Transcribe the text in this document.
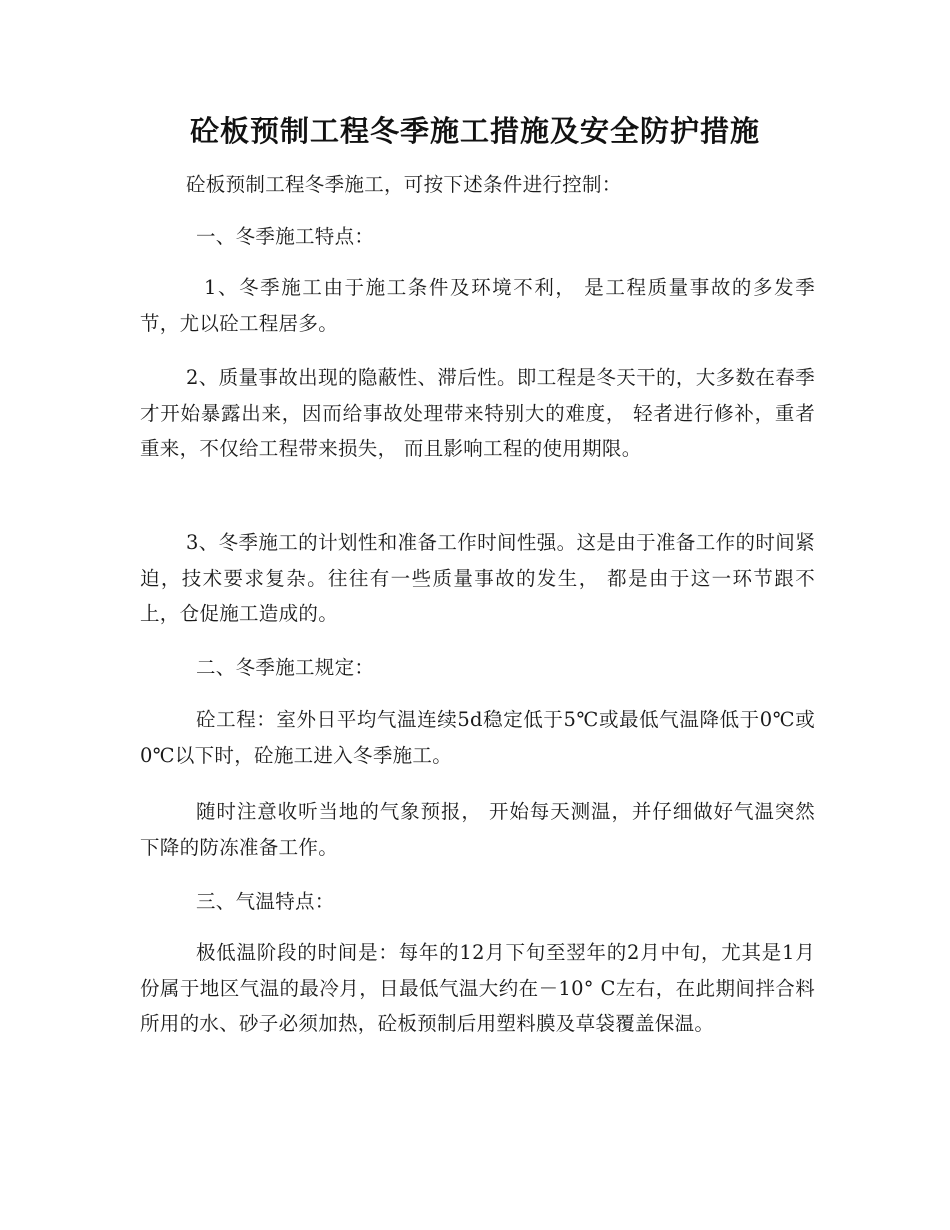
砼板预制工程冬季施工措施及安全防护措施

砼板预制工程冬季施工，可按下述条件进行控制：

一、冬季施工特点：

1、冬季施工由于施工条件及环境不利， 是工程质量事故的多发季节，尤以砼工程居多。

2、质量事故出现的隐蔽性、滞后性。即工程是冬天干的，大多数在春季才开始暴露出来，因而给事故处理带来特别大的难度， 轻者进行修补，重者重来，不仅给工程带来损失， 而且影响工程的使用期限。

3、冬季施工的计划性和准备工作时间性强。这是由于准备工作的时间紧迫，技术要求复杂。往往有一些质量事故的发生， 都是由于这一环节跟不上，仓促施工造成的。

二、冬季施工规定：

砼工程：室外日平均气温连续5d稳定低于5℃或最低气温降低于0℃或0℃以下时，砼施工进入冬季施工。

随时注意收听当地的气象预报， 开始每天测温，并仔细做好气温突然下降的防冻准备工作。

三、气温特点：

极低温阶段的时间是：每年的12月下旬至翌年的2月中旬，尤其是1月份属于地区气温的最冷月，日最低气温大约在－10° C左右，在此期间拌合料所用的水、砂子必须加热，砼板预制后用塑料膜及草袋覆盖保温。
